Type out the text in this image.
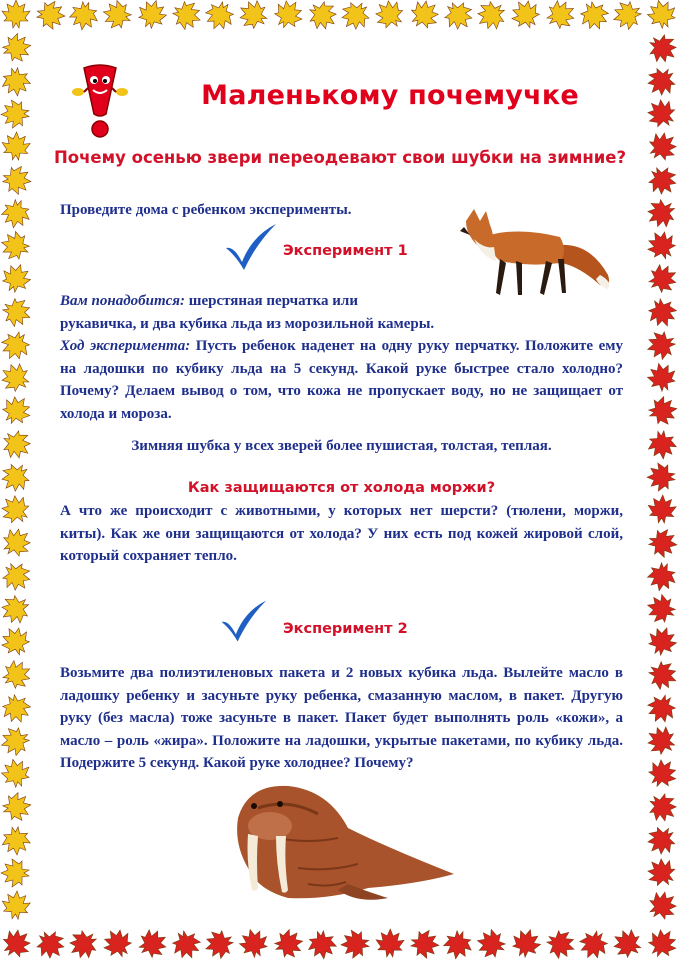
Маленькому почемучке
Почему осенью звери переодевают свои шубки на зимние?
Проведите дома с ребенком эксперименты.
Эксперимент 1
Вам понадобится: шерстяная перчатка или
рукавичка, и два кубика льда из морозильной камеры.
Ход эксперимента: Пусть ребенок наденет на одну руку перчатку. Положите ему на ладошки по кубику льда на 5 секунд. Какой руке быстрее стало холодно? Почему? Делаем вывод о том, что кожа не пропускает воду, но не защищает от холода и мороза.
Зимняя шубка у всех зверей более пушистая, толстая, теплая.
Как защищаются от холода моржи?
А что же происходит с животными, у которых нет шерсти? (тюлени, моржи, киты). Как же они защищаются от холода? У них есть под кожей жировой слой, который сохраняет тепло.
Эксперимент 2
Возьмите два полиэтиленовых пакета и 2 новых кубика льда. Вылейте масло в ладошку ребенку и засуньте руку ребенка, смазанную маслом, в пакет. Другую руку (без масла) тоже засуньте в пакет. Пакет будет выполнять роль «кожи», а масло – роль «жира». Положите на ладошки, укрытые пакетами, по кубику льда. Подержите 5 секунд. Какой руке холоднее? Почему?
